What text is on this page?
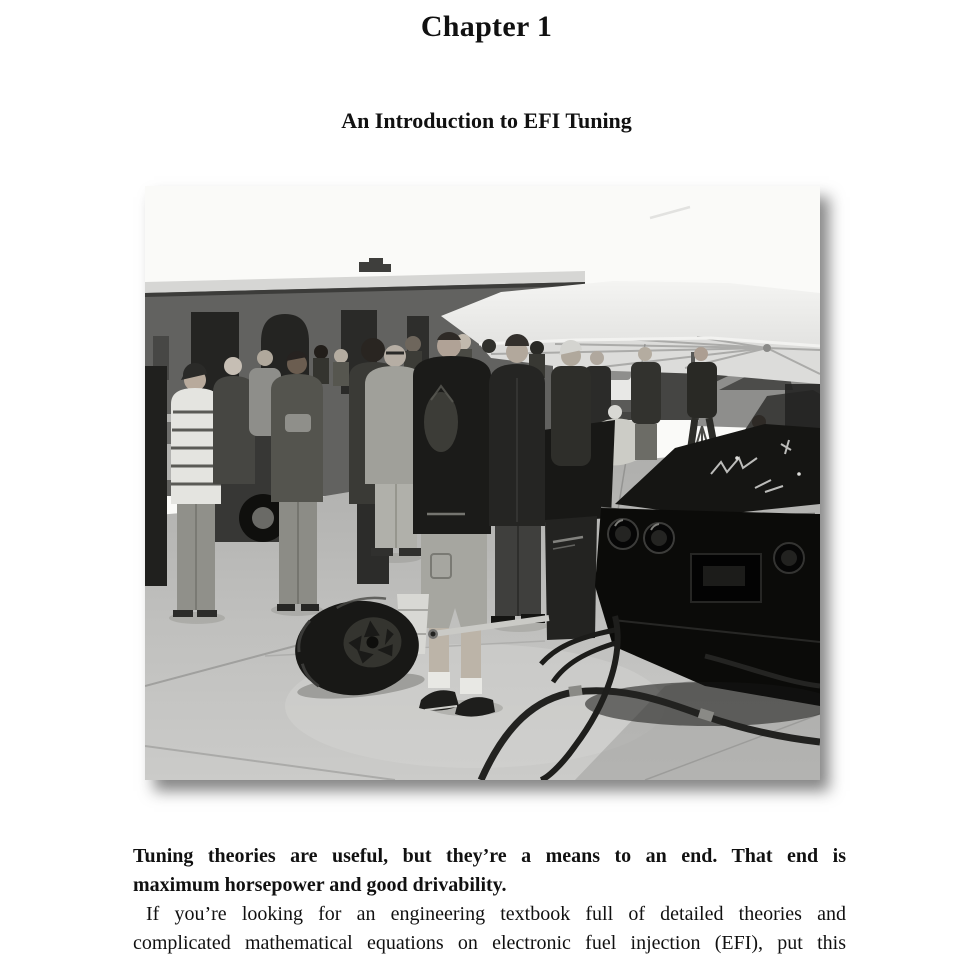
Chapter 1
An Introduction to EFI Tuning

Tuning theories are useful, but they’re a means to an end. That end is
maximum horsepower and good drivability.

If you’re looking for an engineering textbook full of detailed theories and
complicated mathematical equations on electronic fuel injection (EFI), put this
